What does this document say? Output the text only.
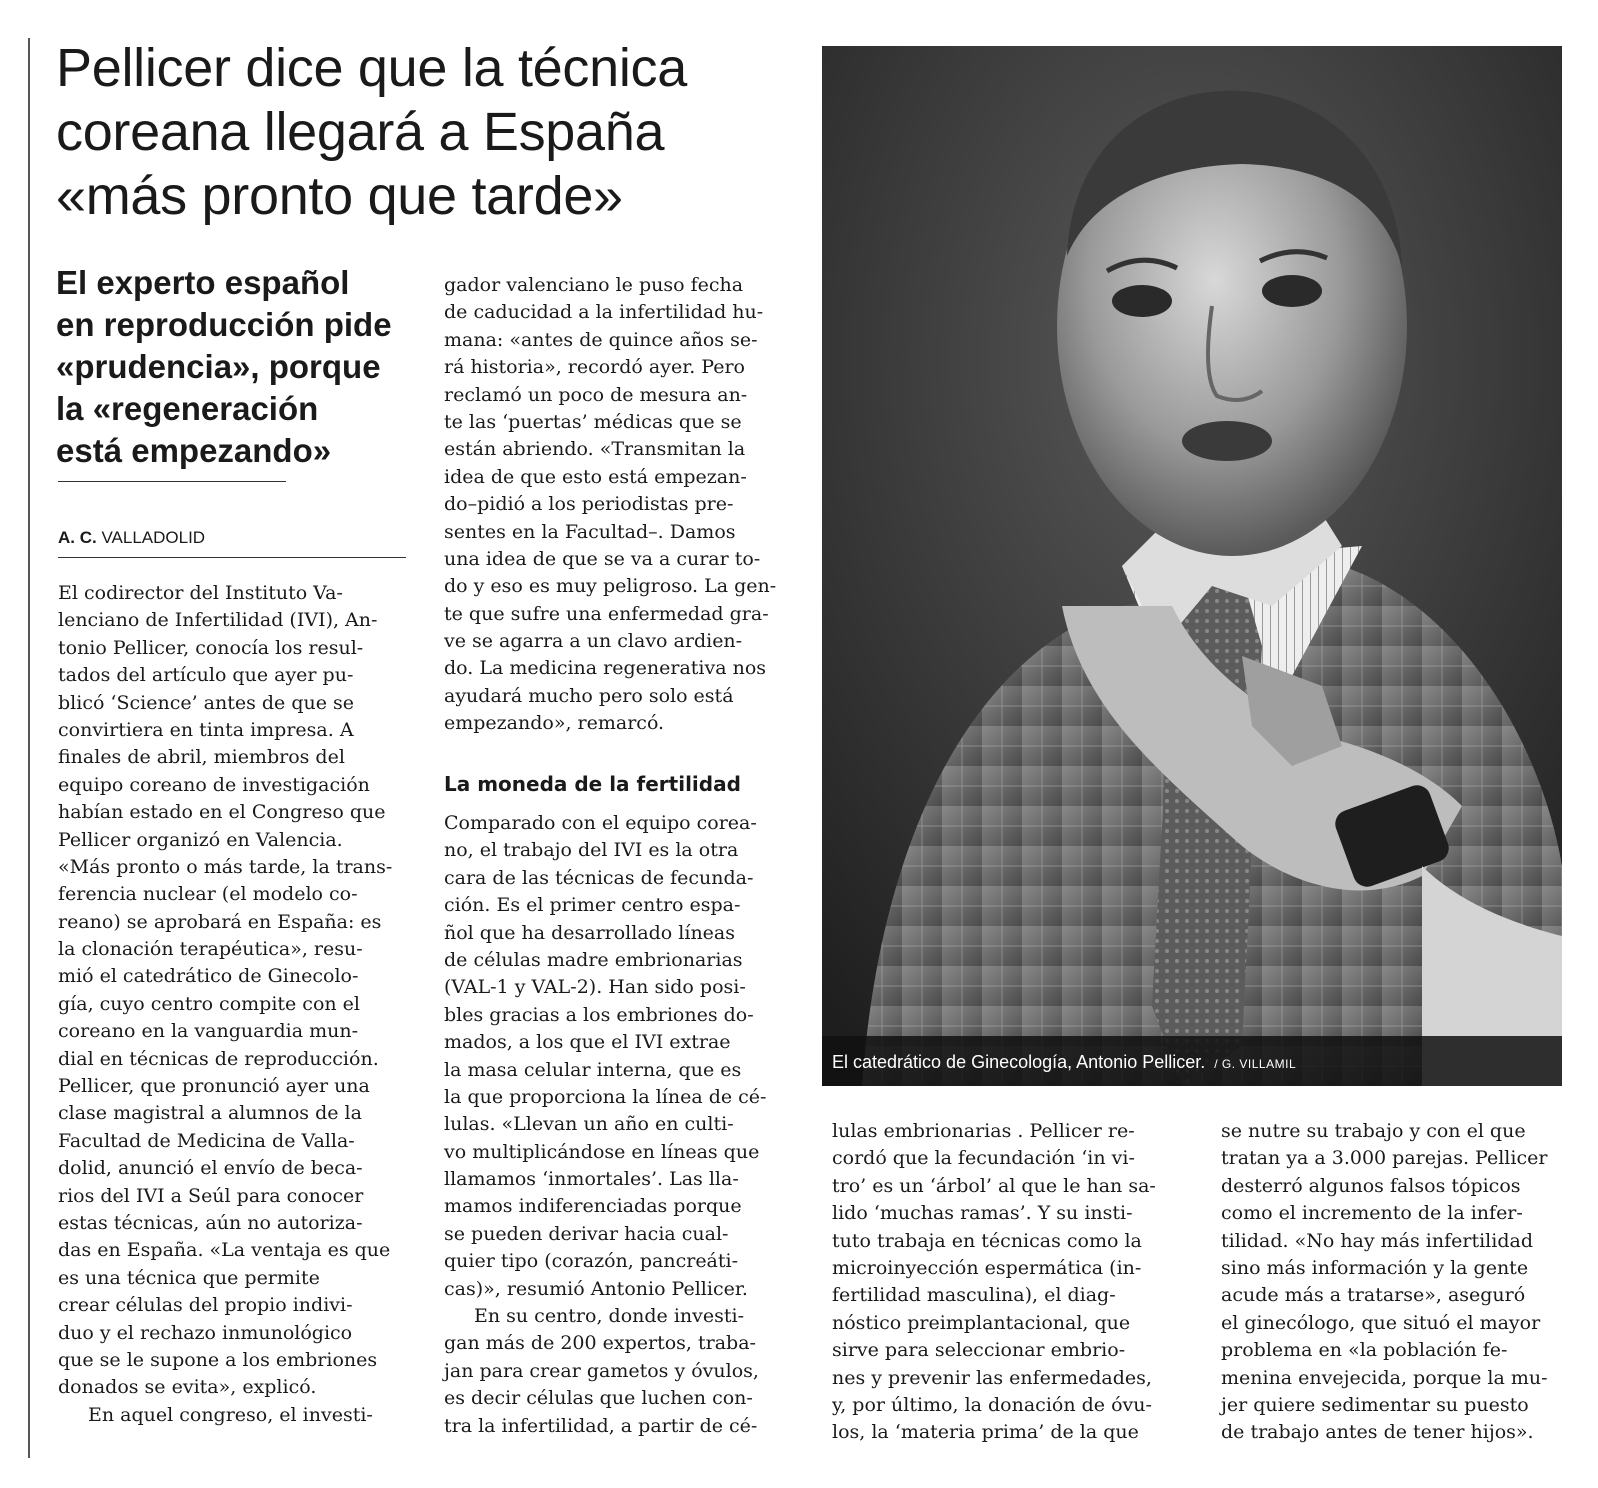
Pellicer dice que la técnica
coreana llegará a España
«más pronto que tarde»
El experto español
en reproducción pide
«prudencia», porque
la «regeneración
está empezando»
A. C. VALLADOLID
El codirector del Instituto Va-
lenciano de Infertilidad (IVI), An-
tonio Pellicer, conocía los resul-
tados del artículo que ayer pu-
blicó ‘Science’ antes de que se
convirtiera en tinta impresa. A
finales de abril, miembros del
equipo coreano de investigación
habían estado en el Congreso que
Pellicer organizó en Valencia.
«Más pronto o más tarde, la trans-
ferencia nuclear (el modelo co-
reano) se aprobará en España: es
la clonación terapéutica», resu-
mió el catedrático de Ginecolo-
gía, cuyo centro compite con el
coreano en la vanguardia mun-
dial en técnicas de reproducción.
Pellicer, que pronunció ayer una
clase magistral a alumnos de la
Facultad de Medicina de Valla-
dolid, anunció el envío de beca-
rios del IVI a Seúl para conocer
estas técnicas, aún no autoriza-
das en España. «La ventaja es que
es una técnica que permite
crear células del propio indivi-
duo y el rechazo inmunológico
que se le supone a los embriones
donados se evita», explicó.
En aquel congreso, el investi-
gador valenciano le puso fecha
de caducidad a la infertilidad hu-
mana: «antes de quince años se-
rá historia», recordó ayer. Pero
reclamó un poco de mesura an-
te las ‘puertas’ médicas que se
están abriendo. «Transmitan la
idea de que esto está empezan-
do–pidió a los periodistas pre-
sentes en la Facultad–. Damos
una idea de que se va a curar to-
do y eso es muy peligroso. La gen-
te que sufre una enfermedad gra-
ve se agarra a un clavo ardien-
do. La medicina regenerativa nos
ayudará mucho pero solo está
empezando», remarcó.
La moneda de la fertilidad
Comparado con el equipo corea-
no, el trabajo del IVI es la otra
cara de las técnicas de fecunda-
ción. Es el primer centro espa-
ñol que ha desarrollado líneas
de células madre embrionarias
(VAL-1 y VAL-2). Han sido posi-
bles gracias a los embriones do-
mados, a los que el IVI extrae
la masa celular interna, que es
la que proporciona la línea de cé-
lulas. «Llevan un año en culti-
vo multiplicándose en líneas que
llamamos ‘inmortales’. Las lla-
mamos indiferenciadas porque
se pueden derivar hacia cual-
quier tipo (corazón, pancreáti-
cas)», resumió Antonio Pellicer.
En su centro, donde investi-
gan más de 200 expertos, traba-
jan para crear gametos y óvulos,
es decir células que luchen con-
tra la infertilidad, a partir de cé-
lulas embrionarias . Pellicer re-
cordó que la fecundación ‘in vi-
tro’ es un ‘árbol’ al que le han sa-
lido ‘muchas ramas’. Y su insti-
tuto trabaja en técnicas como la
microinyección espermática (in-
fertilidad masculina), el diag-
nóstico preimplantacional, que
sirve para seleccionar embrio-
nes y prevenir las enfermedades,
y, por último, la donación de óvu-
los, la ‘materia prima’ de la que
se nutre su trabajo y con el que
tratan ya a 3.000 parejas. Pellicer
desterró algunos falsos tópicos
como el incremento de la infer-
tilidad. «No hay más infertilidad
sino más información y la gente
acude más a tratarse», aseguró
el ginecólogo, que situó el mayor
problema en «la población fe-
menina envejecida, porque la mu-
jer quiere sedimentar su puesto
de trabajo antes de tener hijos».
El catedrático de Ginecología, Antonio Pellicer. / G. VILLAMIL
